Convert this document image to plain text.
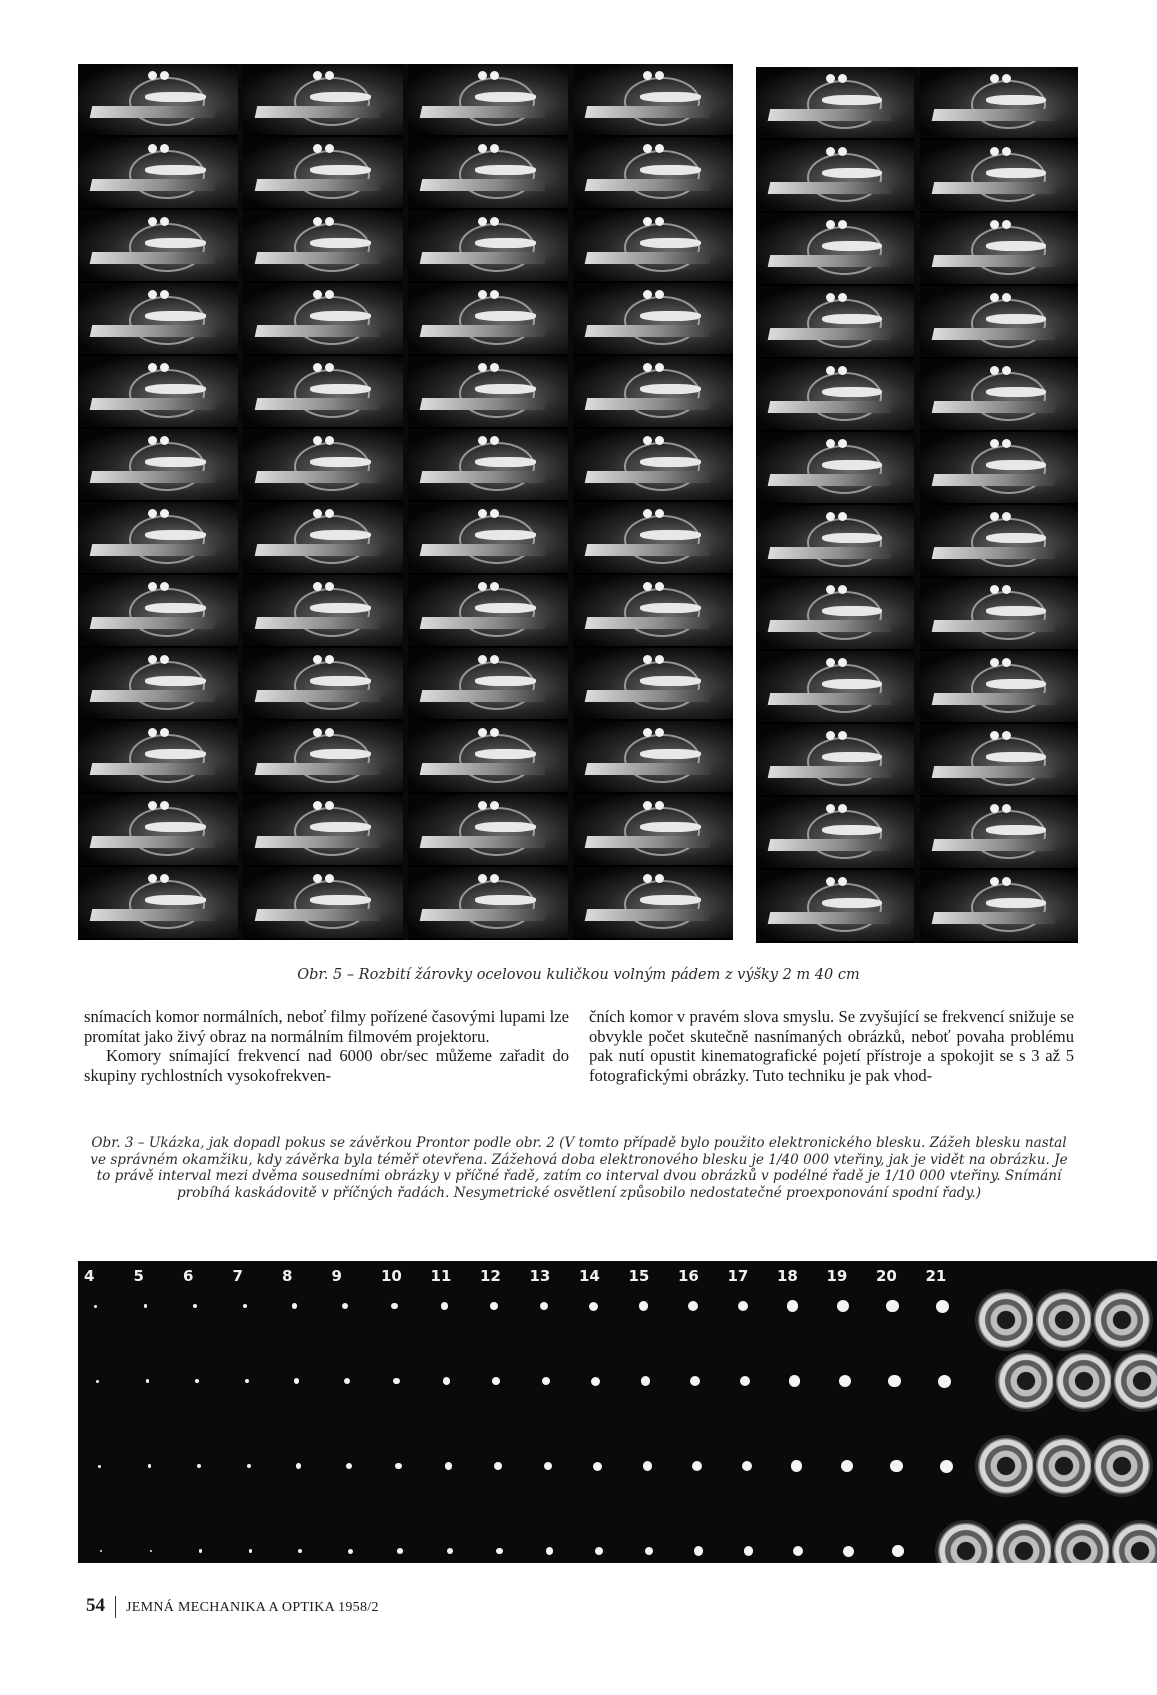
Obr. 5 – Rozbití žárovky ocelovou kuličkou volným pádem z výšky 2 m 40 cm

snímacích komor normálních, neboť filmy pořízené časovými lupami lze promítat jako živý obraz na normálním filmovém projektoru.

Komory snímající frekvencí nad 6000 obr/sec můžeme zařadit do skupiny rychlostních vysokofrekven-

čních komor v pravém slova smyslu. Se zvyšující se frekvencí snižuje se obvykle počet skutečně nasnímaných obrázků, neboť povaha problému pak nutí opustit kinematografické pojetí přístroje a spokojit se s 3 až 5 fotografickými obrázky. Tuto techniku je pak vhod-

Obr. 3 – Ukázka, jak dopadl pokus se závěrkou Prontor podle obr. 2 (V tomto případě bylo použito elektronického blesku. Zážeh blesku nastal ve správném okamžiku, kdy závěrka byla téměř otevřena. Zážehová doba elektronového blesku je 1/40 000 vteřiny, jak je vidět na obrázku. Je to právě interval mezi dvěma sousedními obrázky v příčné řadě, zatím co interval dvou obrázků v podélné řadě je 1/10 000 vteřiny. Snímání probíhá kaskádovitě v příčných řadách. Nesymetrické osvětlení způsobilo nedostatečné proexponování spodní řady.)
4	5	6	7	8	9	10 11 12 13 14 15 16 17 18 19 20 21
54 JEMNÁ MECHANIKA A OPTIKA 1958/2
